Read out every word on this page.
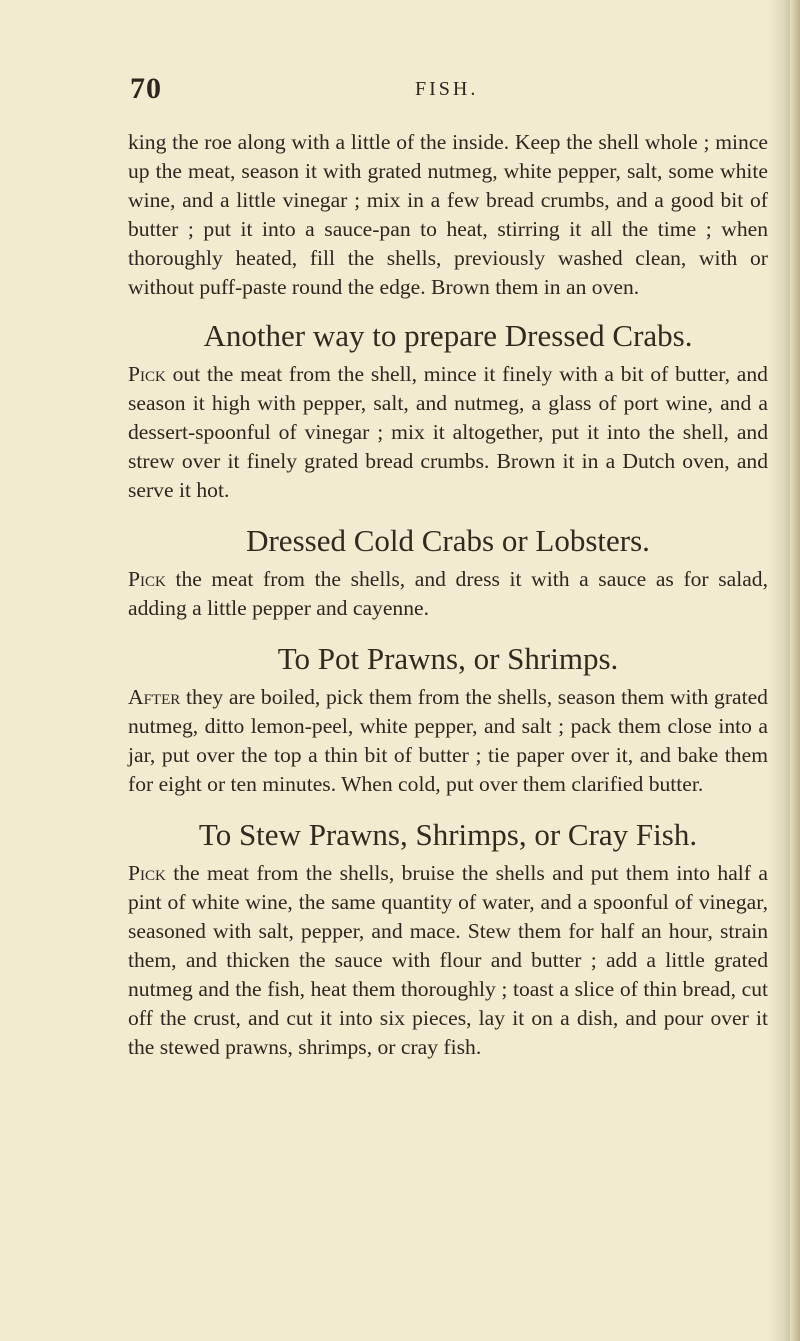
70	FISH.

king the roe along with a little of the inside. Keep the shell whole ; mince up the meat, season it with grated nutmeg, white pepper, salt, some white wine, and a little vinegar ; mix in a few bread crumbs, and a good bit of butter ; put it into a sauce-pan to heat, stirring it all the time ; when thoroughly heated, fill the shells, previously washed clean, with or without puff-paste round the edge. Brown them in an oven.

Another way to prepare Dressed Crabs.

Pick out the meat from the shell, mince it finely with a bit of butter, and season it high with pepper, salt, and nutmeg, a glass of port wine, and a dessert-spoonful of vinegar ; mix it altogether, put it into the shell, and strew over it finely grated bread crumbs. Brown it in a Dutch oven, and serve it hot.

Dressed Cold Crabs or Lobsters.

Pick the meat from the shells, and dress it with a sauce as for salad, adding a little pepper and cayenne.

To Pot Prawns, or Shrimps.

After they are boiled, pick them from the shells, season them with grated nutmeg, ditto lemon-peel, white pepper, and salt ; pack them close into a jar, put over the top a thin bit of butter ; tie paper over it, and bake them for eight or ten minutes. When cold, put over them clarified butter.

To Stew Prawns, Shrimps, or Cray Fish.

Pick the meat from the shells, bruise the shells and put them into half a pint of white wine, the same quantity of water, and a spoonful of vinegar, seasoned with salt, pepper, and mace. Stew them for half an hour, strain them, and thicken the sauce with flour and butter ; add a little grated nutmeg and the fish, heat them thoroughly ; toast a slice of thin bread, cut off the crust, and cut it into six pieces, lay it on a dish, and pour over it the stewed prawns, shrimps, or cray fish.
